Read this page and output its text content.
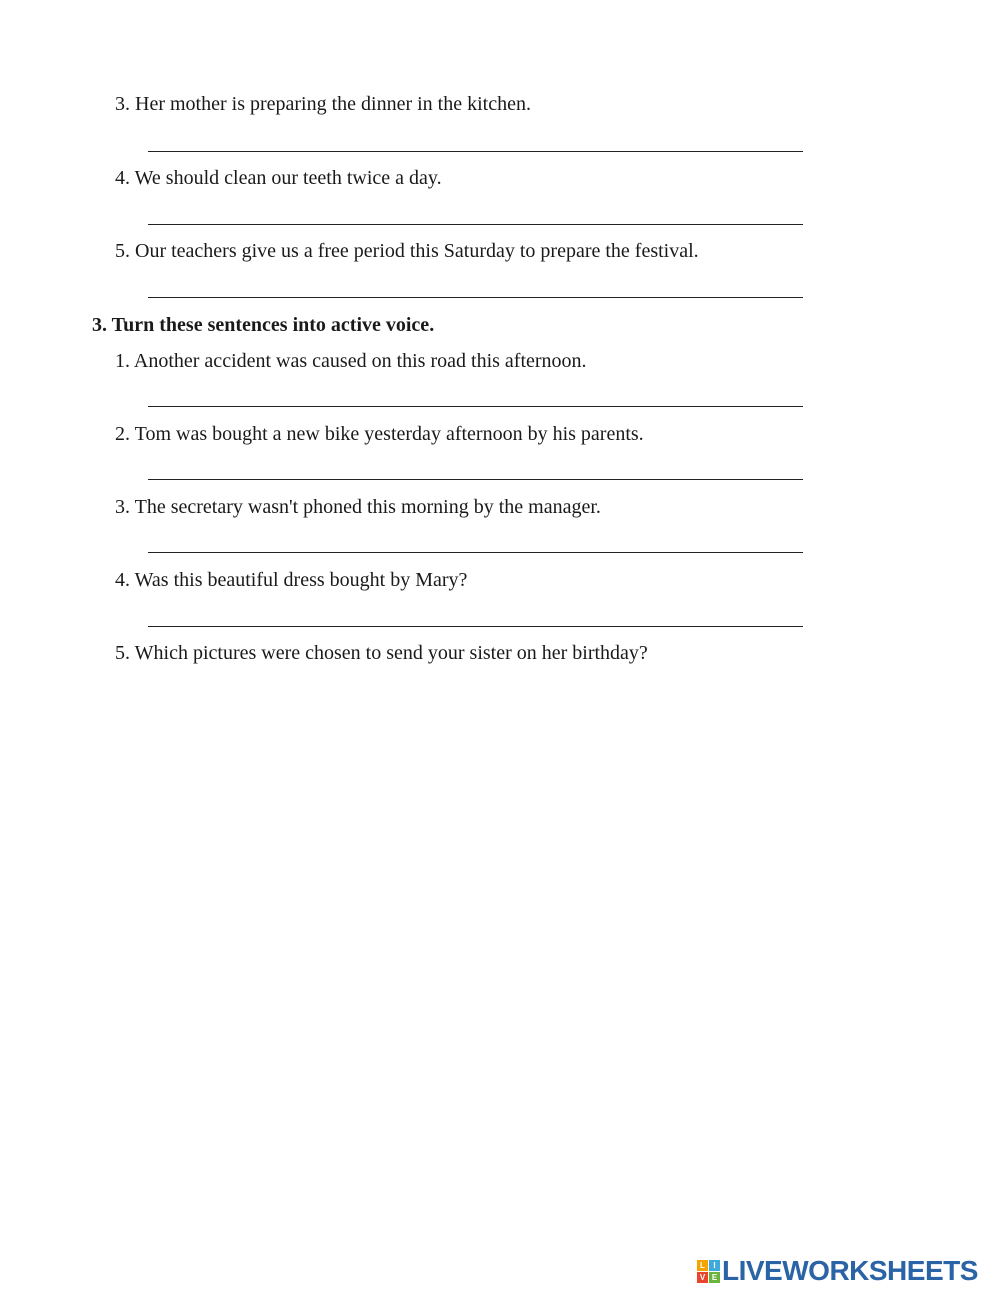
3. Her mother is preparing the dinner in the kitchen.
4. We should clean our teeth twice a day.
5. Our teachers give us a free period this Saturday to prepare the festival.
3. Turn these sentences into active voice.
1. Another accident was caused on this road this afternoon.
2. Tom was bought a new bike yesterday afternoon by his parents.
3. The secretary wasn't phoned this morning by the manager.
4. Was this beautiful dress bought by Mary?
5. Which pictures were chosen to send your sister on her birthday?
L	I
V E LIVEWORKSHEETS
